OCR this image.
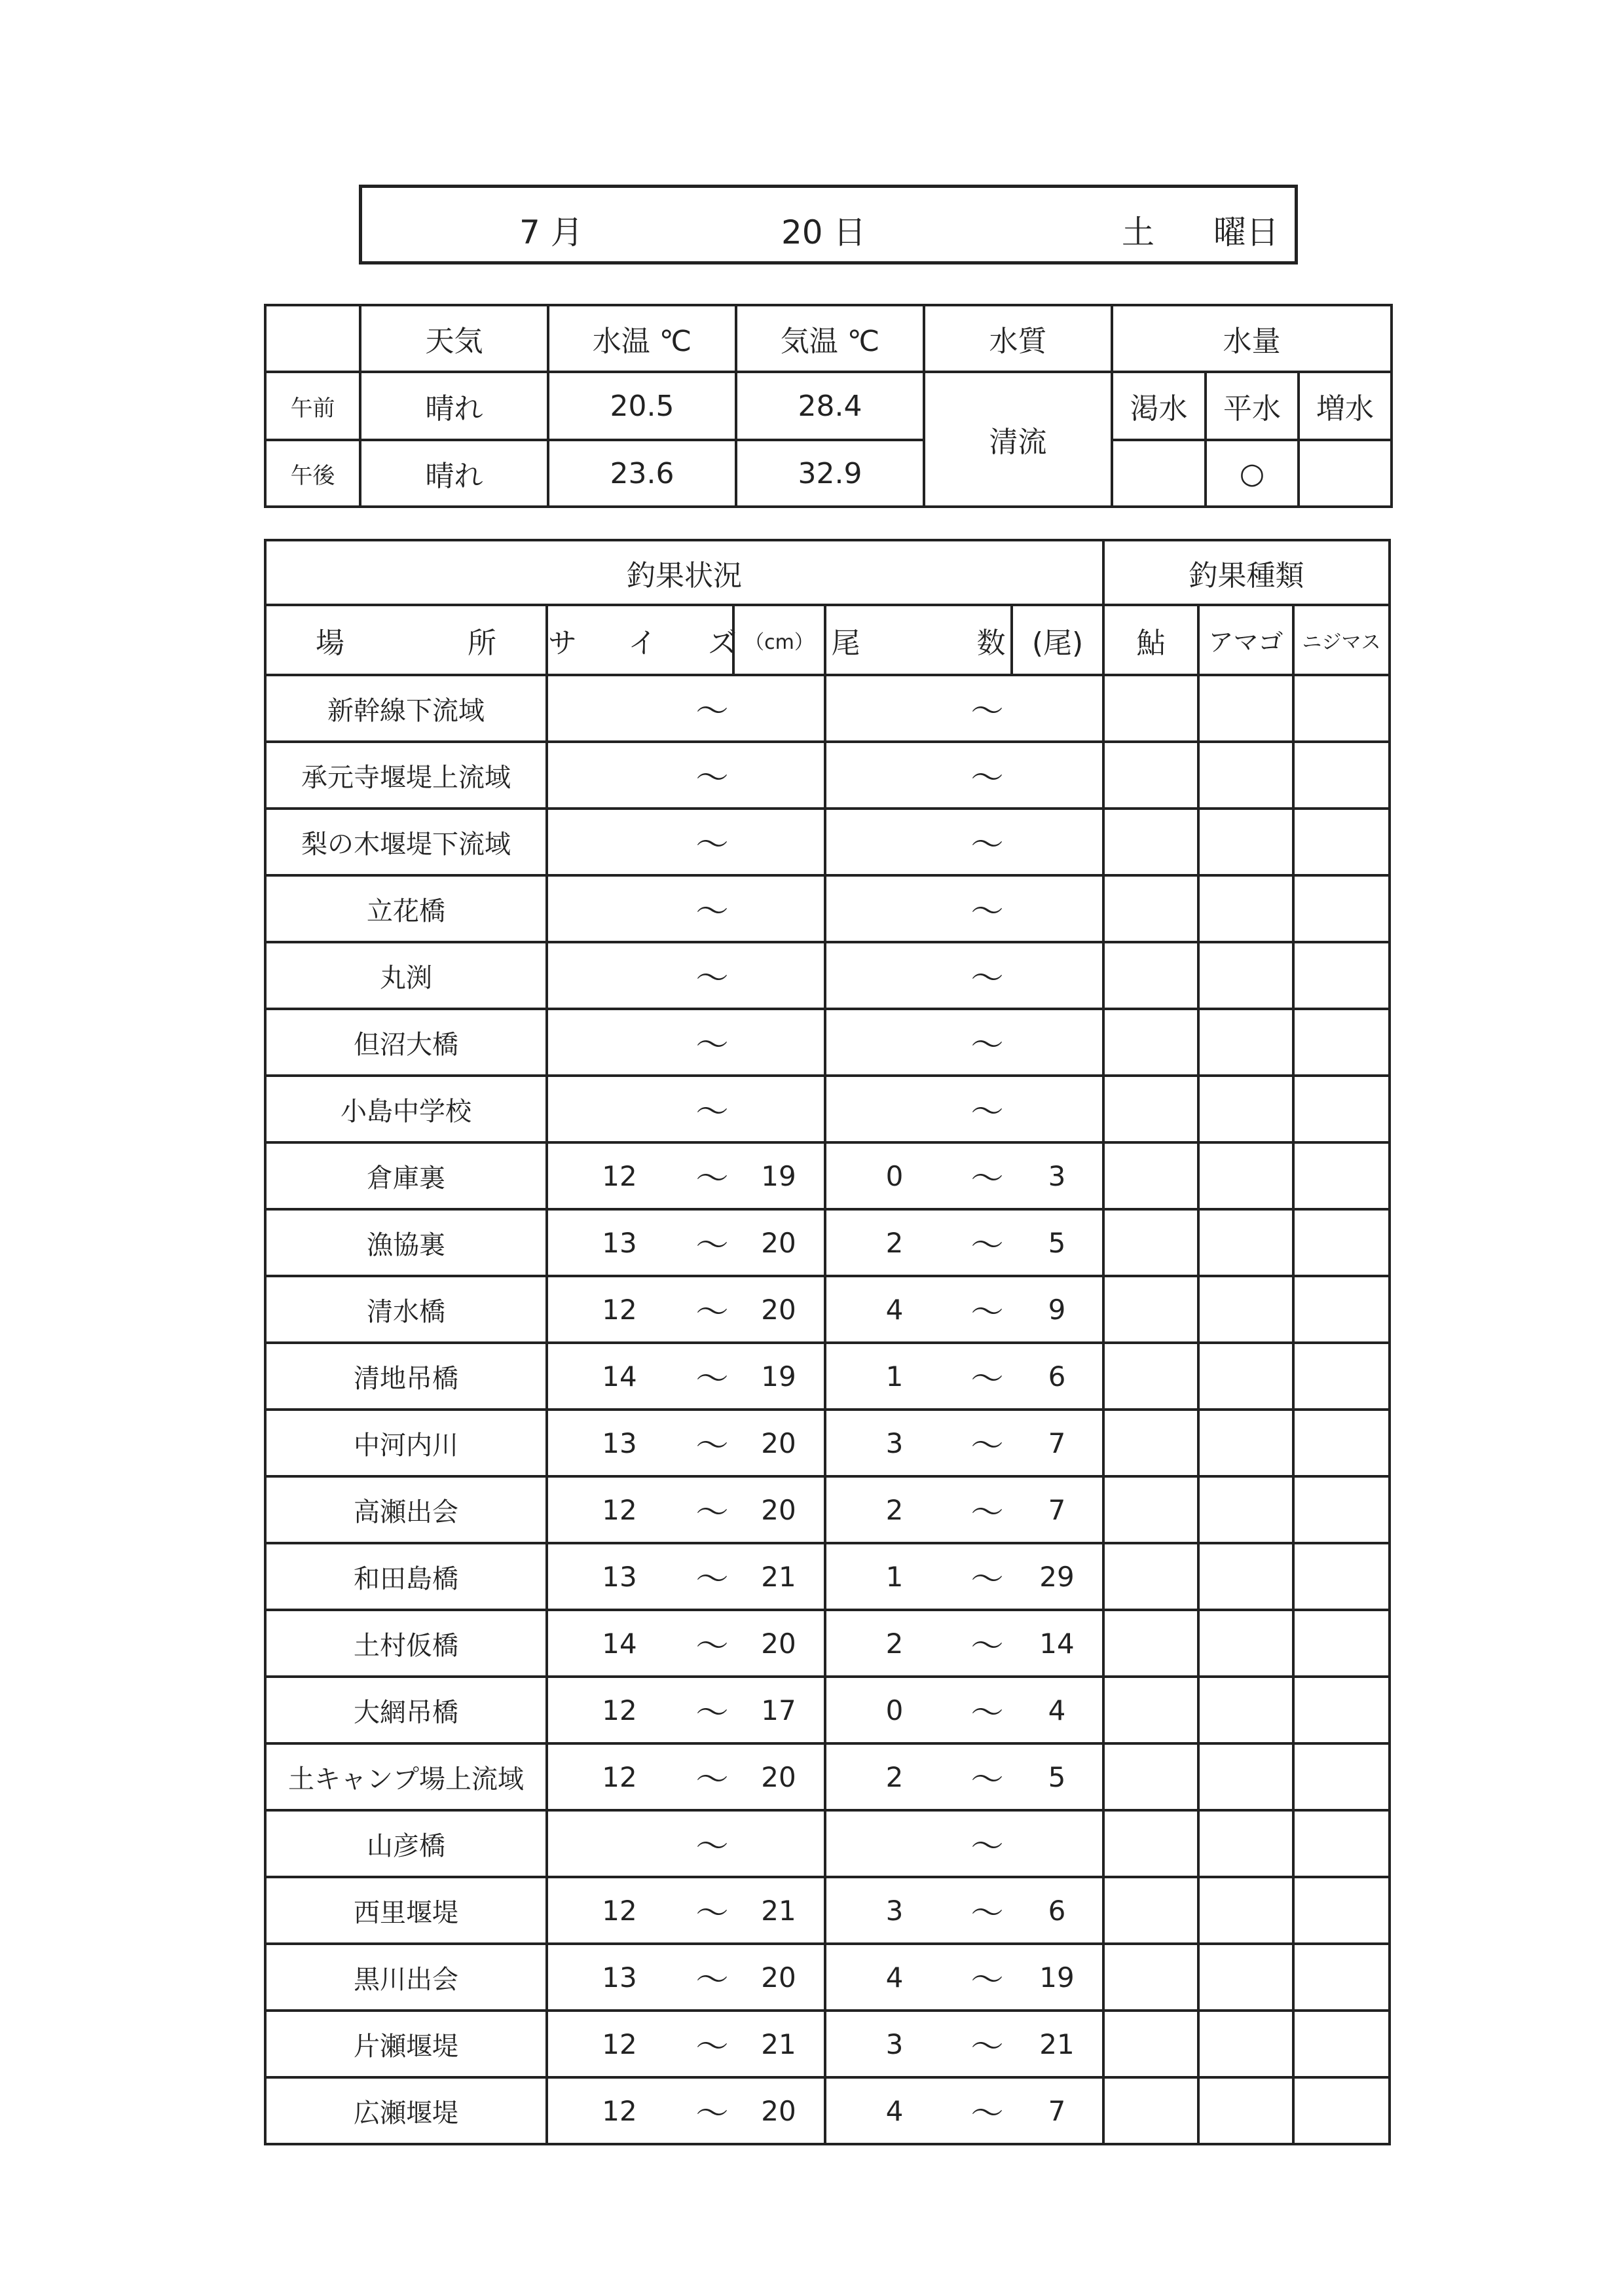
7 月	20 日	土 曜日
	天気	水温 ℃	気温 ℃	水質	水量		
午前	晴れ	20.5	28.4	清流	渇水	平水	増水
午後	晴れ	23.6	32.9			○	
釣果状況							釣果種類		
場 所	サ イ ズ		（cm）	尾 数		(尾)	鮎	アマゴ	ニジマス
新幹線下流域		〜			〜				
承元寺堰堤上流域		〜			〜				
梨の木堰堤下流域		〜			〜				
立花橋		〜			〜				
丸渕		〜			〜				
但沼大橋		〜			〜				
小島中学校		〜			〜				
倉庫裏	12	〜	19	0	〜	3			
漁協裏	13	〜	20	2	〜	5			
清水橋	12	〜	20	4	〜	9			
清地吊橋	14	〜	19	1	〜	6			
中河内川	13	〜	20	3	〜	7			
高瀬出会	12	〜	20	2	〜	7			
和田島橋	13	〜	21	1	〜	29			
土村仮橋	14	〜	20	2	〜	14			
大網吊橋	12	〜	17	0	〜	4			
土キャンプ場上流域	12	〜	20	2	〜	5			
山彦橋		〜			〜				
西里堰堤	12	〜	21	3	〜	6			
黒川出会	13	〜	20	4	〜	19			
片瀬堰堤	12	〜	21	3	〜	21			
広瀬堰堤	12	〜	20	4	〜	7			
